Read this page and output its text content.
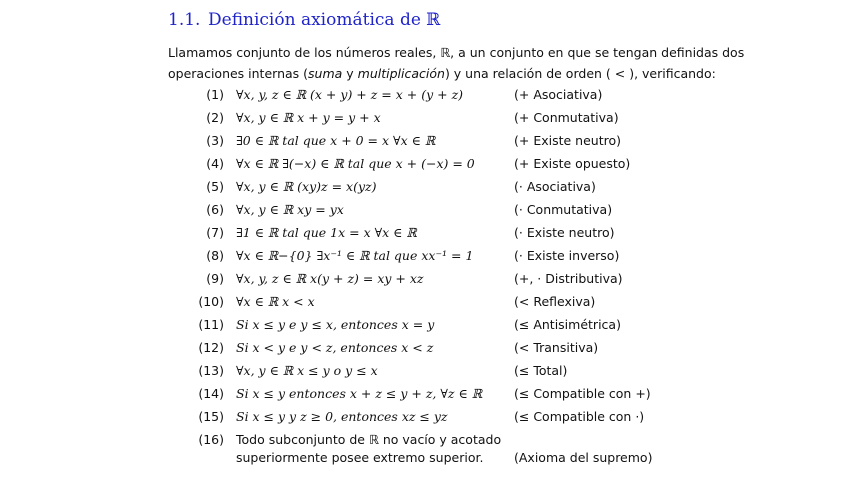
1.1. Definición axiomática de ℝ
Llamamos conjunto de los números reales, ℝ, a un conjunto en que se tengan definidas dos
operaciones internas (suma y multiplicación) y una relación de orden ( < ), verificando:
(1) ∀x, y, z ∈ ℝ (x + y) + z = x + (y + z)	(+ Asociativa)
(2) ∀x, y ∈ ℝ x + y = y + x	(+ Conmutativa)
(3) ∃0 ∈ ℝ tal que x + 0 = x ∀x ∈ ℝ	(+ Existe neutro)
(4) ∀x ∈ ℝ ∃(−x) ∈ ℝ tal que x + (−x) = 0	(+ Existe opuesto)
(5) ∀x, y ∈ ℝ (xy)z = x(yz)	(· Asociativa)
(6) ∀x, y ∈ ℝ xy = yx	(· Conmutativa)
(7) ∃1 ∈ ℝ tal que 1x = x ∀x ∈ ℝ	(· Existe neutro)
(8) ∀x ∈ ℝ−{0} ∃x⁻¹ ∈ ℝ tal que xx⁻¹ = 1	(· Existe inverso)
(9) ∀x, y, z ∈ ℝ x(y + z) = xy + xz	(+, · Distributiva)
(10) ∀x ∈ ℝ x < x	(< Reflexiva)
(11) Si x ≤ y e y ≤ x, entonces x = y	(≤ Antisimétrica)
(12) Si x < y e y < z, entonces x < z	(< Transitiva)
(13) ∀x, y ∈ ℝ x ≤ y o y ≤ x	(≤ Total)
(14) Si x ≤ y entonces x + z ≤ y + z, ∀z ∈ ℝ	(≤ Compatible con +)
(15) Si x ≤ y y z ≥ 0, entonces xz ≤ yz	(≤ Compatible con ·)
(16) Todo subconjunto de ℝ no vacío y acotado
superiormente posee extremo superior. (Axioma del supremo)
